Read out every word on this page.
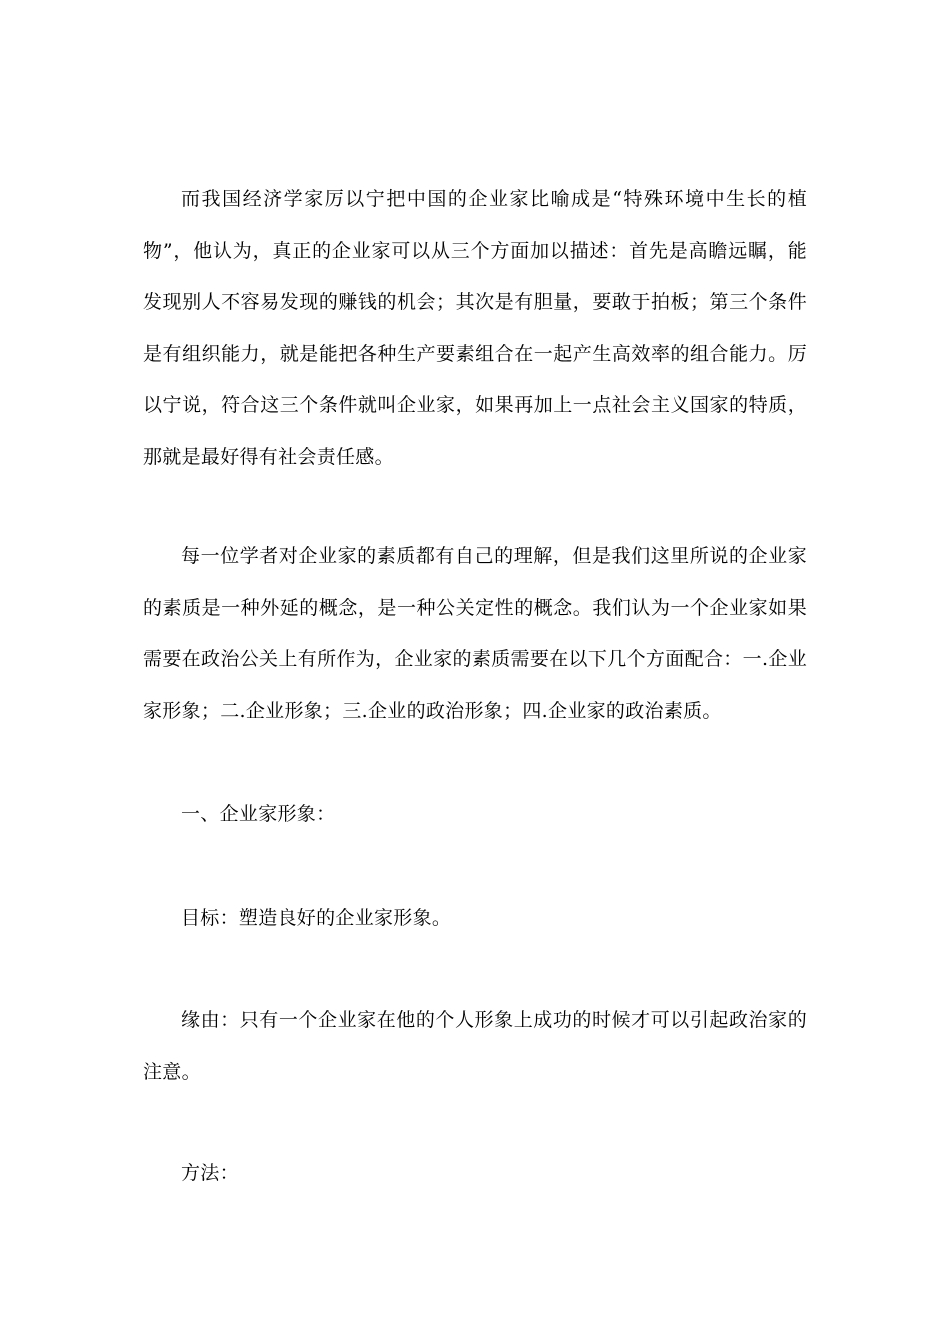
而我国经济学家厉以宁把中国的企业家比喻成是“特殊环境中生长的植物”，他认为，真正的企业家可以从三个方面加以描述：首先是高瞻远瞩，能发现别人不容易发现的赚钱的机会；其次是有胆量，要敢于拍板；第三个条件是有组织能力，就是能把各种生产要素组合在一起产生高效率的组合能力。厉以宁说，符合这三个条件就叫企业家，如果再加上一点社会主义国家的特质，那就是最好得有社会责任感。

每一位学者对企业家的素质都有自己的理解，但是我们这里所说的企业家的素质是一种外延的概念，是一种公关定性的概念。我们认为一个企业家如果需要在政治公关上有所作为，企业家的素质需要在以下几个方面配合：一.企业家形象；二.企业形象；三.企业的政治形象；四.企业家的政治素质。

一、企业家形象：

目标：塑造良好的企业家形象。

缘由：只有一个企业家在他的个人形象上成功的时候才可以引起政治家的注意。

方法：
